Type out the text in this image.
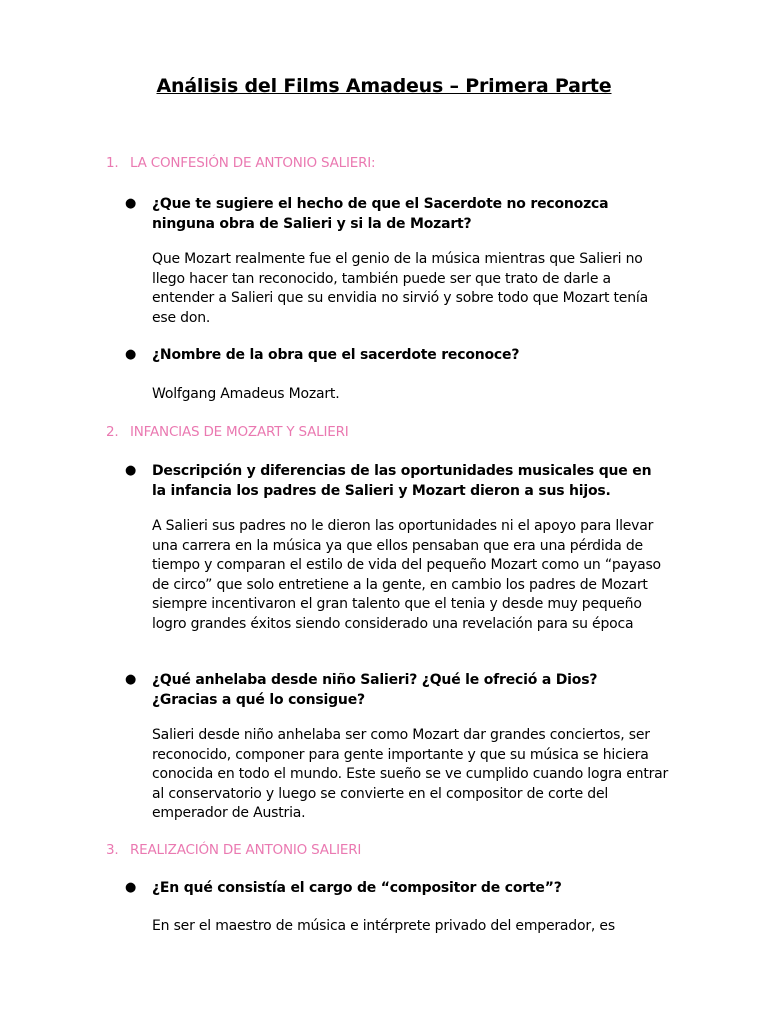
Análisis del Films Amadeus – Primera Parte
1. LA CONFESIÓN DE ANTONIO SALIERI:
● ¿Que te sugiere el hecho de que el Sacerdote no reconozca ninguna obra de Salieri y si la de Mozart?
Que Mozart realmente fue el genio de la música mientras que Salieri no llego hacer tan reconocido, también puede ser que trato de darle a entender a Salieri que su envidia no sirvió y sobre todo que Mozart tenía ese don.
● ¿Nombre de la obra que el sacerdote reconoce?
Wolfgang Amadeus Mozart.
2. INFANCIAS DE MOZART Y SALIERI
● Descripción y diferencias de las oportunidades musicales que en la infancia los padres de Salieri y Mozart dieron a sus hijos.
A Salieri sus padres no le dieron las oportunidades ni el apoyo para llevar una carrera en la música ya que ellos pensaban que era una pérdida de tiempo y comparan el estilo de vida del pequeño Mozart como un “payaso de circo” que solo entretiene a la gente, en cambio los padres de Mozart siempre incentivaron el gran talento que el tenia y desde muy pequeño logro grandes éxitos siendo considerado una revelación para su época
● ¿Qué anhelaba desde niño Salieri? ¿Qué le ofreció a Dios? ¿Gracias a qué lo consigue?
Salieri desde niño anhelaba ser como Mozart dar grandes conciertos, ser reconocido, componer para gente importante y que su música se hiciera conocida en todo el mundo. Este sueño se ve cumplido cuando logra entrar al conservatorio y luego se convierte en el compositor de corte del emperador de Austria.
3. REALIZACIÓN DE ANTONIO SALIERI
● ¿En qué consistía el cargo de “compositor de corte”?
En ser el maestro de música e intérprete privado del emperador, es
